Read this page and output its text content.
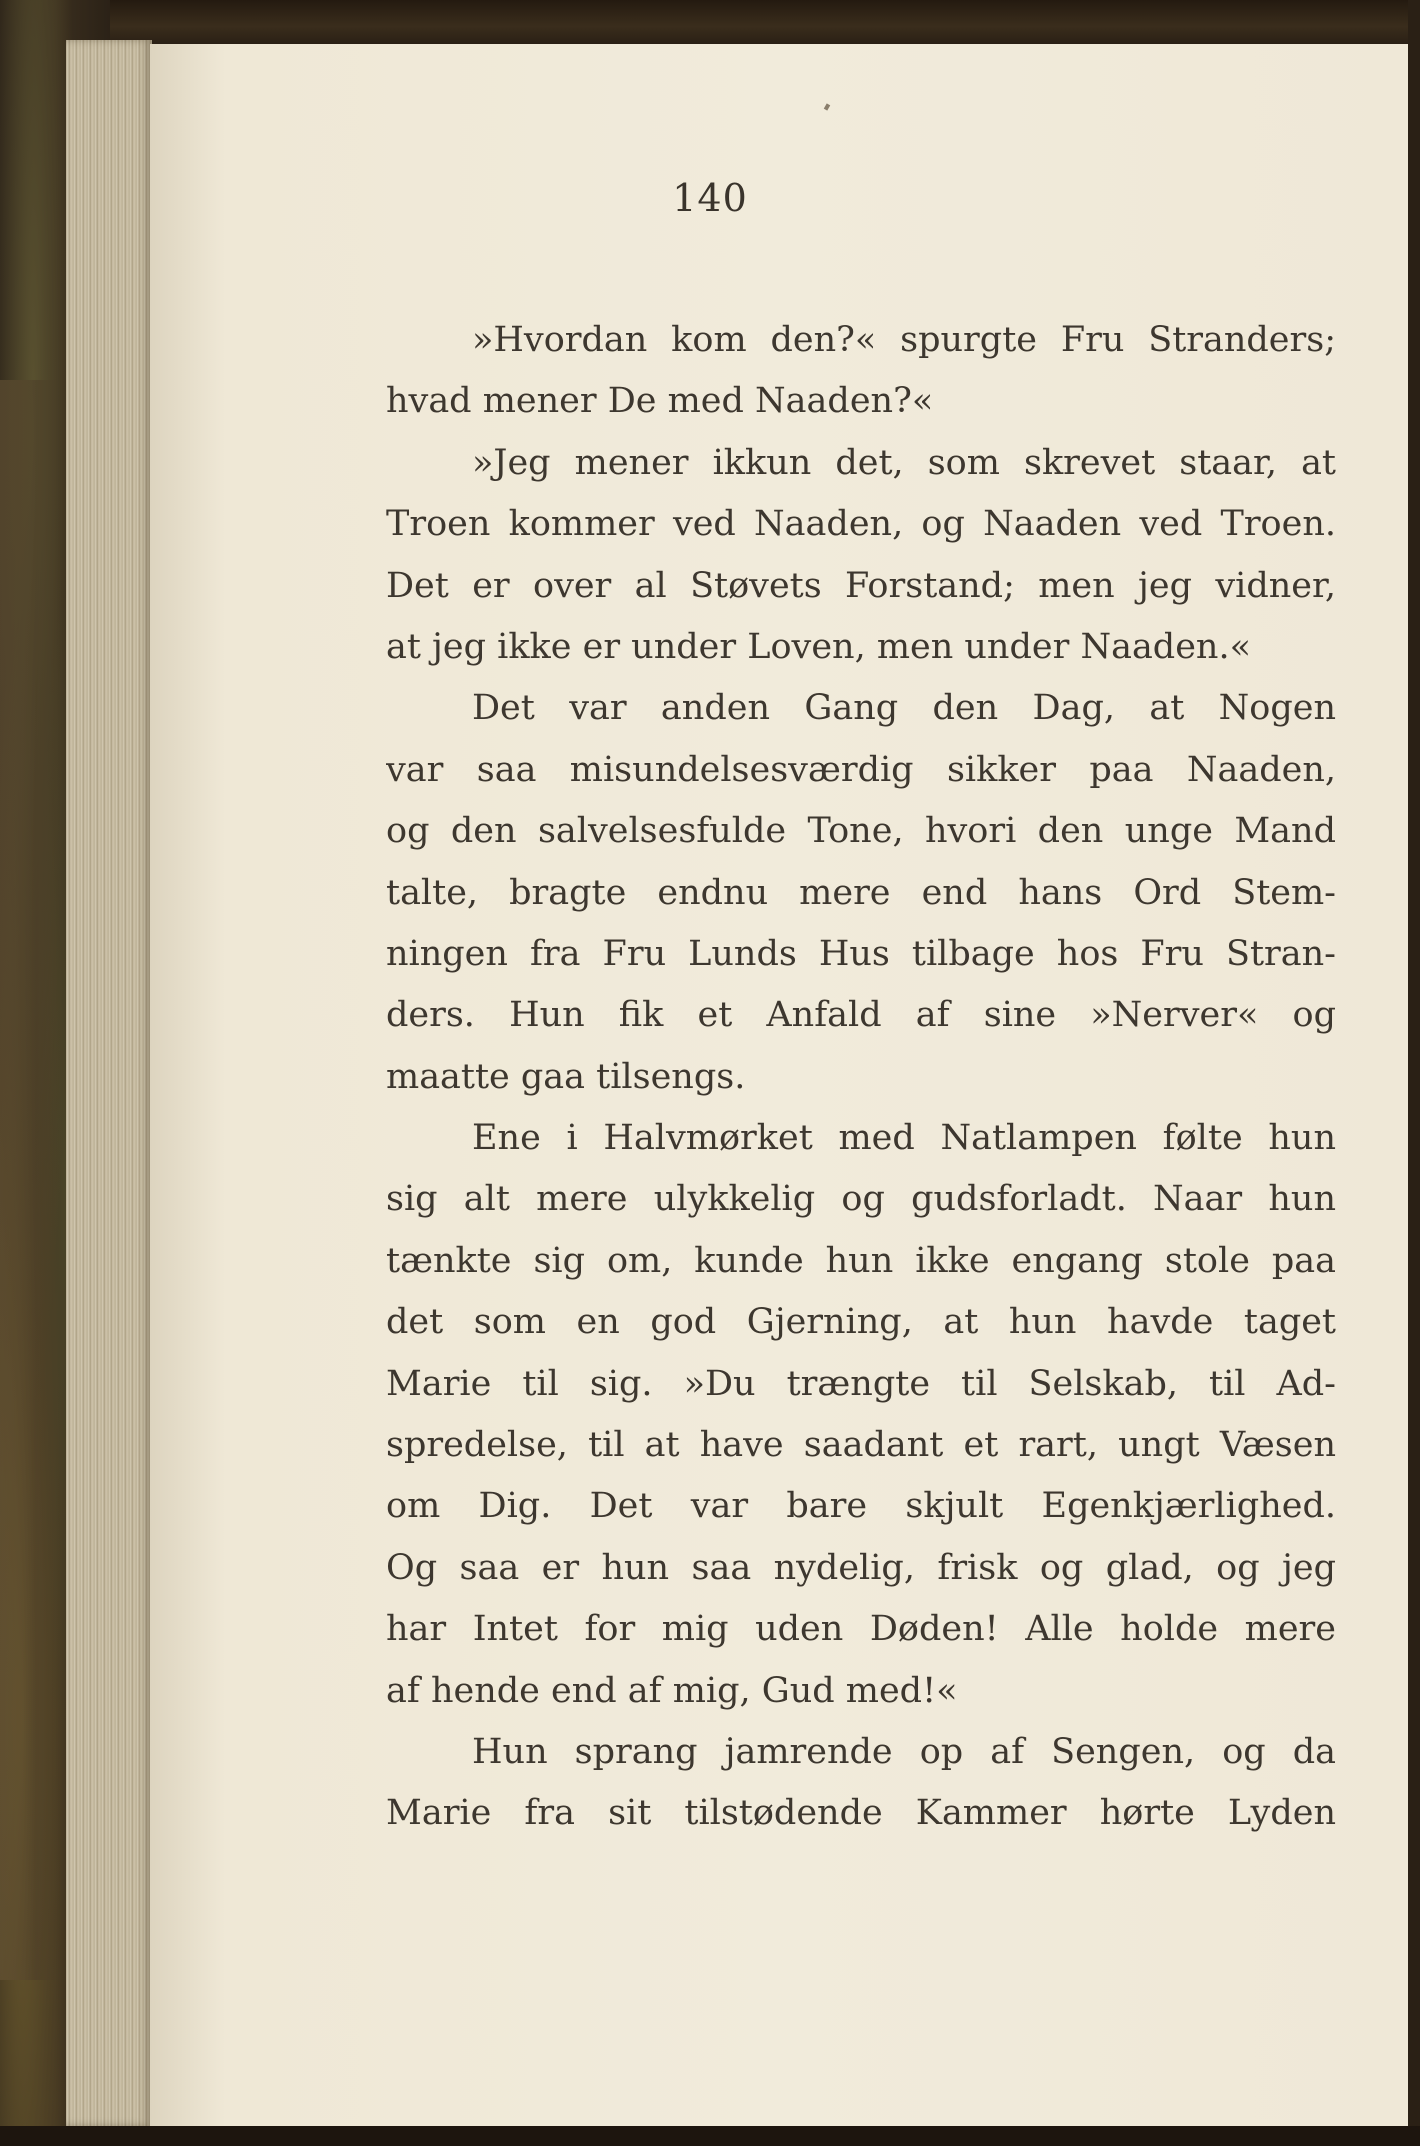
140
»Hvordan kom den?« spurgte Fru Stranders;
hvad mener De med Naaden?«
»Jeg mener ikkun det, som skrevet staar, at
Troen kommer ved Naaden, og Naaden ved Troen.
Det er over al Støvets Forstand; men jeg vidner,
at jeg ikke er under Loven, men under Naaden.«
Det var anden Gang den Dag, at Nogen
var saa misundelsesværdig sikker paa Naaden,
og den salvelsesfulde Tone, hvori den unge Mand
talte, bragte endnu mere end hans Ord Stem-
ningen fra Fru Lunds Hus tilbage hos Fru Stran-
ders. Hun fik et Anfald af sine »Nerver« og
maatte gaa tilsengs.
Ene i Halvmørket med Natlampen følte hun
sig alt mere ulykkelig og gudsforladt. Naar hun
tænkte sig om, kunde hun ikke engang stole paa
det som en god Gjerning, at hun havde taget
Marie til sig. »Du trængte til Selskab, til Ad-
spredelse, til at have saadant et rart, ungt Væsen
om Dig. Det var bare skjult Egenkjærlighed.
Og saa er hun saa nydelig, frisk og glad, og jeg
har Intet for mig uden Døden! Alle holde mere
af hende end af mig, Gud med!«
Hun sprang jamrende op af Sengen, og da
Marie fra sit tilstødende Kammer hørte Lyden
